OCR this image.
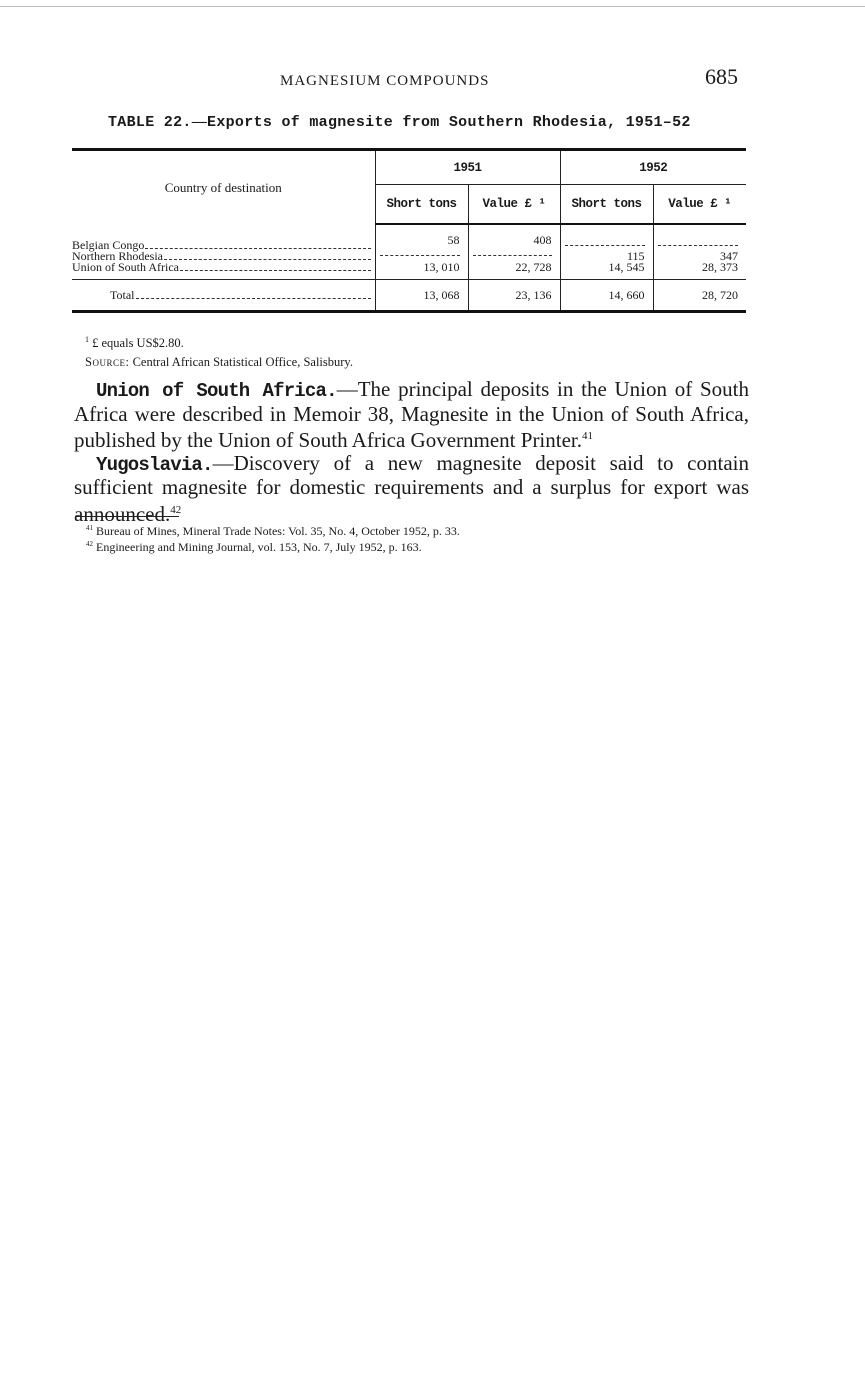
MAGNESIUM COMPOUNDS	685
TABLE 22.—Exports of magnesite from Southern Rhodesia, 1951–52
Country of destination	1951		1952	
	Short tons	Value £ ¹	Short tons	Value £ ¹

Belgian Congo	58	408	

Northern Rhodesia			115	347

Union of South Africa	13, 010	22, 728	14, 545	28, 373

Total	13, 068	23, 136	14, 660	28, 720
$^1$ £ equals US$2.80.
Source: Central African Statistical Office, Salisbury.

Union of South Africa.—The principal deposits in the Union of South Africa were described in Memoir 38, Magnesite in the Union of South Africa, published by the Union of South Africa Government Printer.$^{41}$

Yugoslavia.—Discovery of a new magnesite deposit said to contain sufficient magnesite for domestic requirements and a surplus for export was announced.$^{42}$

$^{41}$ Bureau of Mines, Mineral Trade Notes: Vol. 35, No. 4, October 1952, p. 33.
$^{42}$ Engineering and Mining Journal, vol. 153, No. 7, July 1952, p. 163.
